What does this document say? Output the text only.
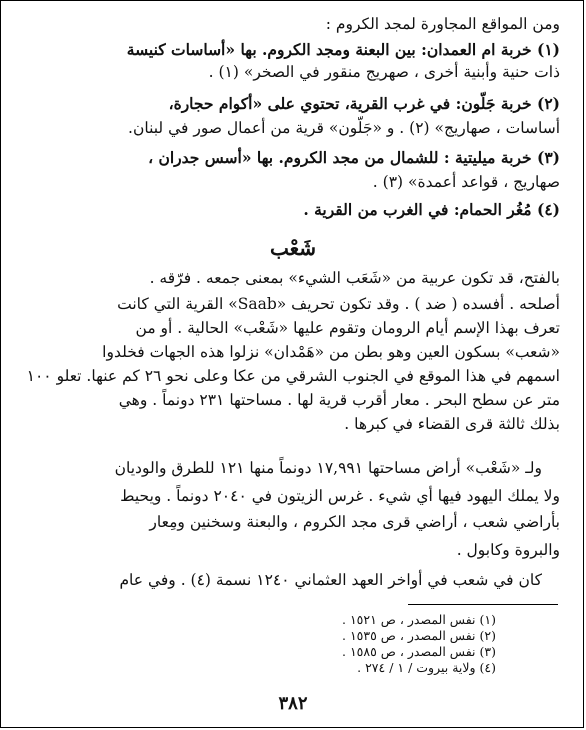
ومن المواقع المجاورة لمجد الكروم :
(١) خربة ام العمدان: بين البعنة ومجد الكروم. بها «أساسات كنيسة
ذات حنية وأبنية أخرى ، صهريج منقور في الصخر» (١) .
(٢) خربة جَلّون: في غرب القرية، تحتوي على «أكوام حجارة،
أساسات ، صهاريج» (٢) . و «جَلّون» قرية من أعمال صور في لبنان.
(٣) خربة ميليتية : للشمال من مجد الكروم. بها «أسس جدران ،
صهاريج ، قواعد أعمدة» (٣) .
(٤) مُغُر الحمام: في الغرب من القرية .
شَعْب
بالفتح، قد تكون عربية من «شَعَب الشيء» بمعنى جمعه . فرّقه .
أصلحه . أفسده ( ضد ) . وقد تكون تحريف «Saab» القرية التي كانت
تعرف بهذا الإسم أيام الرومان وتقوم عليها «شَعْب» الحالية . أو من
«شعب» بسكون العين وهو بطن من «هَمْدان» نزلوا هذه الجهات فخلدوا
اسمهم في هذا الموقع في الجنوب الشرقي من عكا وعلى نحو ٢٦ كم عنها. تعلو ١٠٠
متر عن سطح البحر . معار أقرب قرية لها . مساحتها ٢٣١ دونماً . وهي
بذلك ثالثة قرى القضاء في كبرها .
ولـ «شَعْب» أراض مساحتها ١٧,٩٩١ دونماً منها ١٢١ للطرق والوديان
ولا يملك اليهود فيها أي شيء . غرس الزيتون في ٢٠٤٠ دونماً . ويحيط
بأراضي شعب ، أراضي قرى مجد الكروم ، والبعنة وسخنين ومِعار
والبروة وكابول .
كان في شعب في أواخر العهد العثماني ١٢٤٠ نسمة (٤) . وفي عام
(١) نفس المصدر ، ص ١٥٢١ .
(٢) نفس المصدر ، ص ١٥٣٥ .
(٣) نفس المصدر ، ص ١٥٨٥ .
(٤) ولاية بيروت / ١ / ٢٧٤ .
٣٨٢
